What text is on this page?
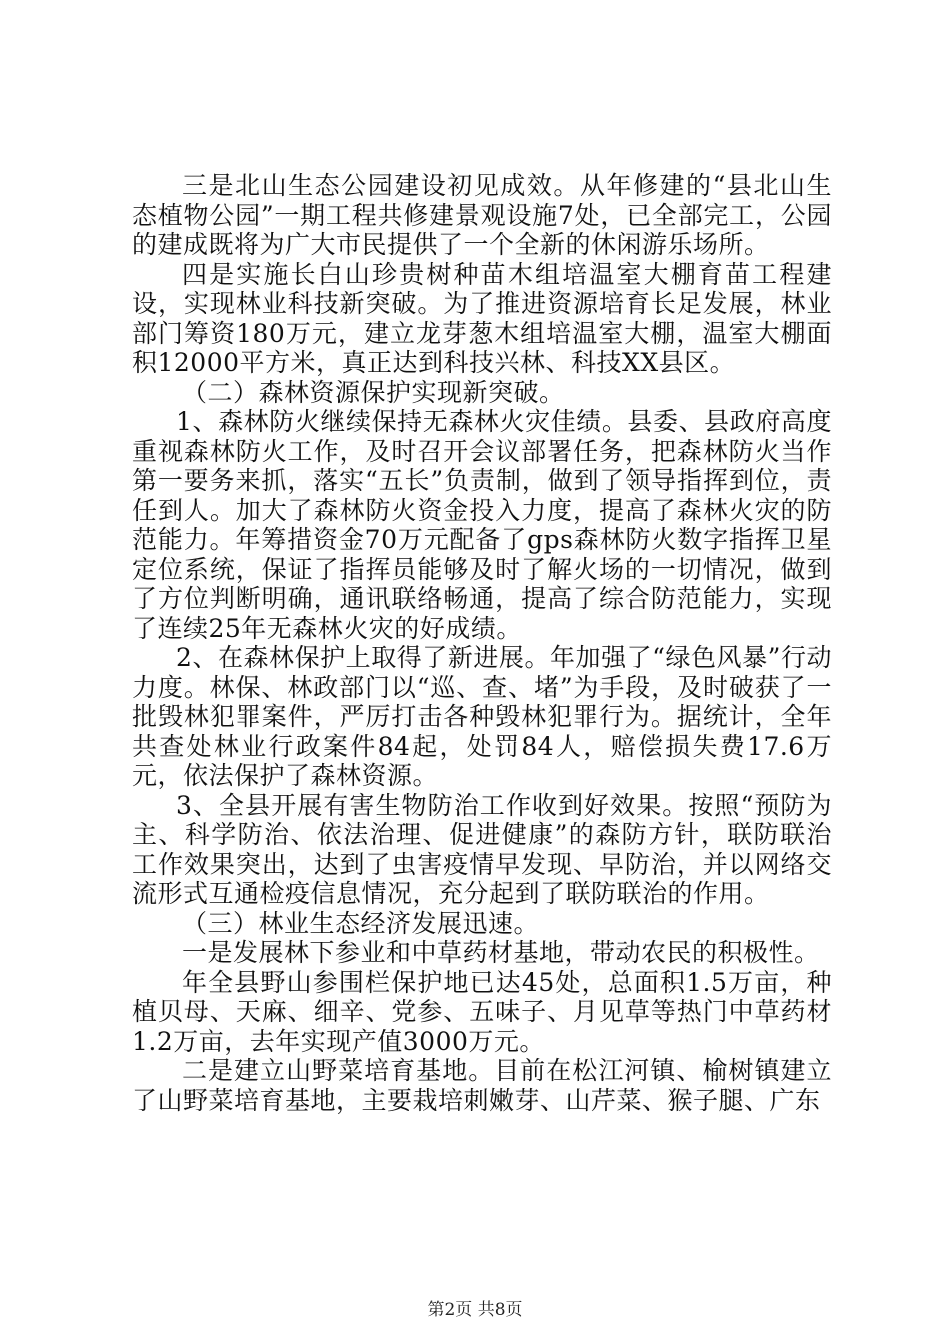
三是北山生态公园建设初见成效。从年修建的“县北山生态植物公园”一期工程共修建景观设施7处，已全部完工，公园的建成既将为广大市民提供了一个全新的休闲游乐场所。

四是实施长白山珍贵树种苗木组培温室大棚育苗工程建设，实现林业科技新突破。为了推进资源培育长足发展，林业部门筹资180万元，建立龙芽葱木组培温室大棚，温室大棚面积12000平方米，真正达到科技兴林、科技XX县区。

（二）森林资源保护实现新突破。

1、森林防火继续保持无森林火灾佳绩。县委、县政府高度重视森林防火工作，及时召开会议部署任务，把森林防火当作第一要务来抓，落实“五长”负责制，做到了领导指挥到位，责任到人。加大了森林防火资金投入力度，提高了森林火灾的防范能力。年筹措资金70万元配备了gps森林防火数字指挥卫星定位系统，保证了指挥员能够及时了解火场的一切情况，做到了方位判断明确，通讯联络畅通，提高了综合防范能力，实现了连续25年无森林火灾的好成绩。

2、在森林保护上取得了新进展。年加强了“绿色风暴”行动力度。林保、林政部门以“巡、查、堵”为手段，及时破获了一批毁林犯罪案件，严厉打击各种毁林犯罪行为。据统计，全年共查处林业行政案件84起，处罚84人，赔偿损失费17.6万元，依法保护了森林资源。

3、全县开展有害生物防治工作收到好效果。按照“预防为主、科学防治、依法治理、促进健康”的森防方针，联防联治工作效果突出，达到了虫害疫情早发现、早防治，并以网络交流形式互通检疫信息情况，充分起到了联防联治的作用。

（三）林业生态经济发展迅速。

一是发展林下参业和中草药材基地，带动农民的积极性。

年全县野山参围栏保护地已达45处，总面积1.5万亩，种植贝母、天麻、细辛、党参、五味子、月见草等热门中草药材1.2万亩，去年实现产值3000万元。

二是建立山野菜培育基地。目前在松江河镇、榆树镇建立了山野菜培育基地，主要栽培刺嫩芽、山芹菜、猴子腿、广东

第2页 共8页
